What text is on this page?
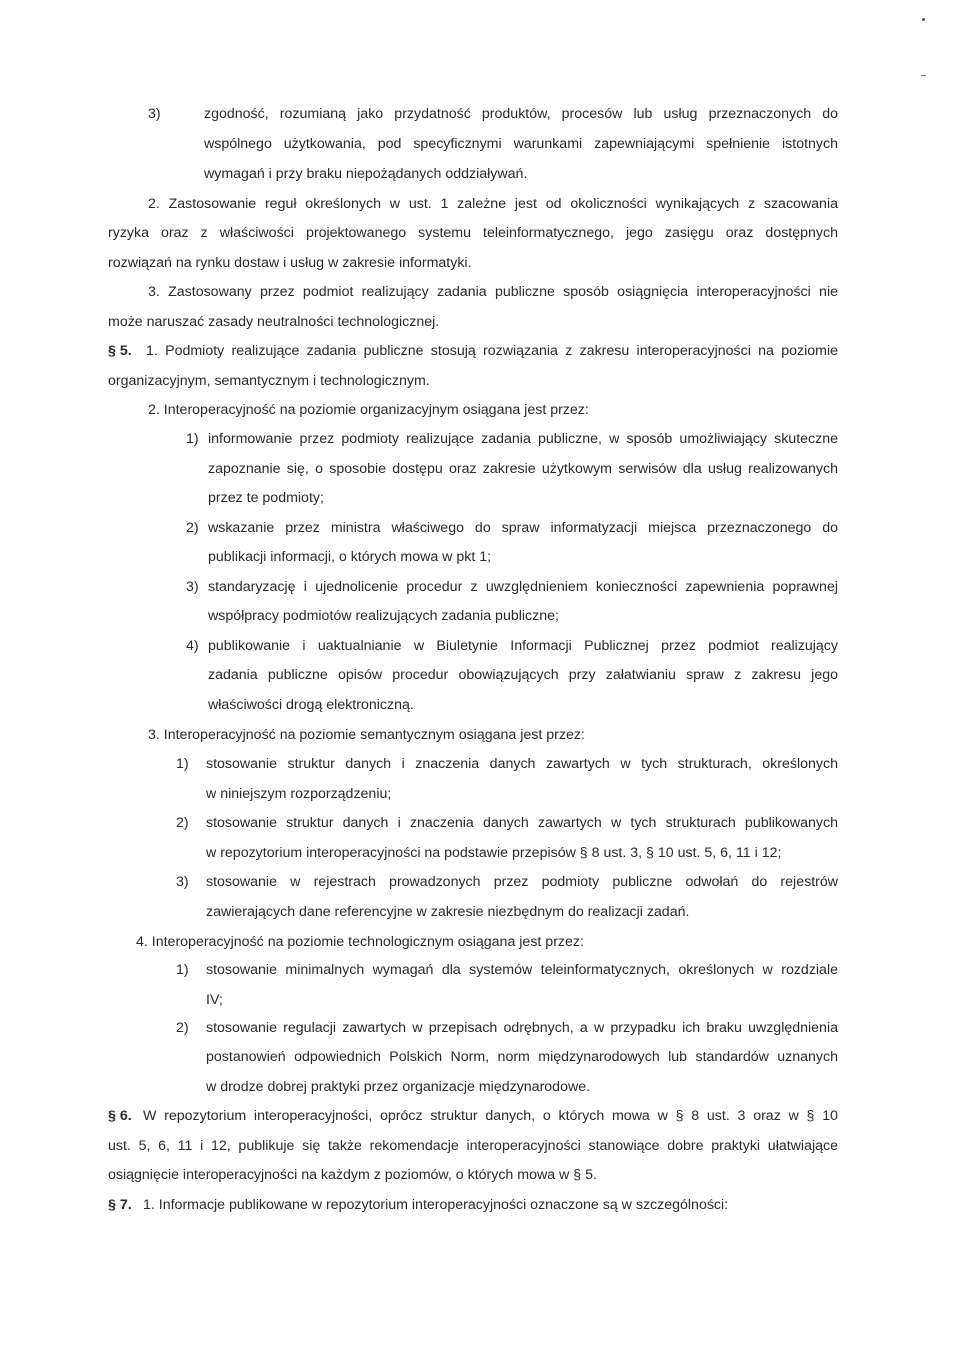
3)	zgodność, rozumianą jako przydatność produktów, procesów lub usług przeznaczonych do
wspólnego użytkowania, pod specyficznymi warunkami zapewniającymi spełnienie istotnych
wymagań i przy braku niepożądanych oddziaływań.
2. Zastosowanie reguł określonych w ust. 1 zależne jest od okoliczności wynikających z szacowania
ryzyka oraz z właściwości projektowanego systemu teleinformatycznego, jego zasięgu oraz dostępnych
rozwiązań na rynku dostaw i usług w zakresie informatyki.
3. Zastosowany przez podmiot realizujący zadania publiczne sposób osiągnięcia interoperacyjności nie
może naruszać zasady neutralności technologicznej.
§ 5. 1. Podmioty realizujące zadania publiczne stosują rozwiązania z zakresu interoperacyjności na poziomie
organizacyjnym, semantycznym i technologicznym.
2. Interoperacyjność na poziomie organizacyjnym osiągana jest przez:
1) informowanie przez podmioty realizujące zadania publiczne, w sposób umożliwiający skuteczne
zapoznanie się, o sposobie dostępu oraz zakresie użytkowym serwisów dla usług realizowanych
przez te podmioty;
2) wskazanie przez ministra właściwego do spraw informatyzacji miejsca przeznaczonego do
publikacji informacji, o których mowa w pkt 1;
3) standaryzację i ujednolicenie procedur z uwzględnieniem konieczności zapewnienia poprawnej
współpracy podmiotów realizujących zadania publiczne;
4) publikowanie i uaktualnianie w Biuletynie Informacji Publicznej przez podmiot realizujący
zadania publiczne opisów procedur obowiązujących przy załatwianiu spraw z zakresu jego
właściwości drogą elektroniczną.
3. Interoperacyjność na poziomie semantycznym osiągana jest przez:
1) stosowanie struktur danych i znaczenia danych zawartych w tych strukturach, określonych
w niniejszym rozporządzeniu;
2) stosowanie struktur danych i znaczenia danych zawartych w tych strukturach publikowanych
w repozytorium interoperacyjności na podstawie przepisów § 8 ust. 3, § 10 ust. 5, 6, 11 i 12;
3) stosowanie w rejestrach prowadzonych przez podmioty publiczne odwołań do rejestrów
zawierających dane referencyjne w zakresie niezbędnym do realizacji zadań.
4. Interoperacyjność na poziomie technologicznym osiągana jest przez:
1) stosowanie minimalnych wymagań dla systemów teleinformatycznych, określonych w rozdziale
IV;
2) stosowanie regulacji zawartych w przepisach odrębnych, a w przypadku ich braku uwzględnienia
postanowień odpowiednich Polskich Norm, norm międzynarodowych lub standardów uznanych
w drodze dobrej praktyki przez organizacje międzynarodowe.
§ 6. W repozytorium interoperacyjności, oprócz struktur danych, o których mowa w § 8 ust. 3 oraz w § 10
ust. 5, 6, 11 i 12, publikuje się także rekomendacje interoperacyjności stanowiące dobre praktyki ułatwiające
osiągnięcie interoperacyjności na każdym z poziomów, o których mowa w § 5.
§ 7. 1. Informacje publikowane w repozytorium interoperacyjności oznaczone są w szczególności:
